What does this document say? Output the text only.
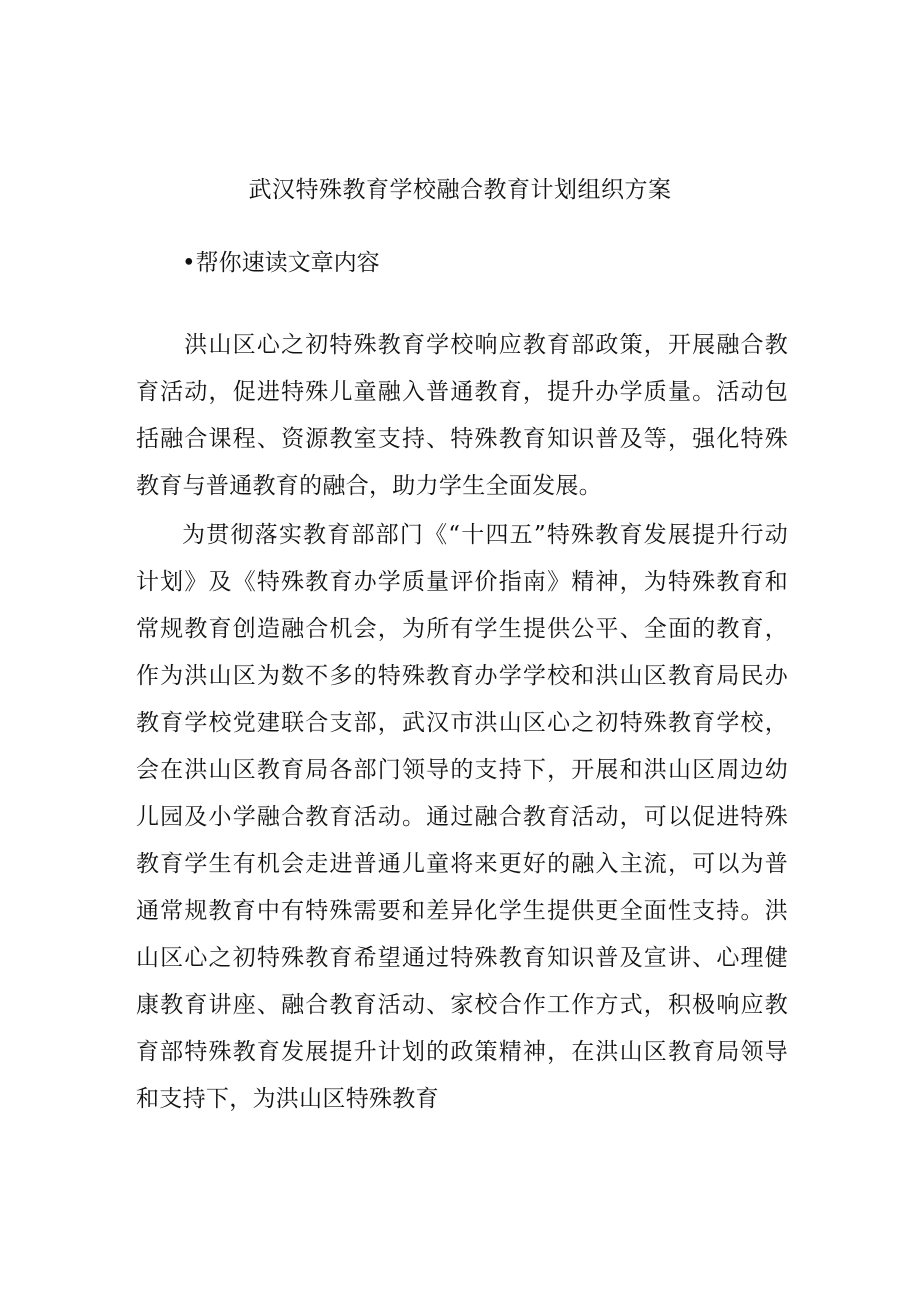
武汉特殊教育学校融合教育计划组织方案

•帮你速读文章内容

洪山区心之初特殊教育学校响应教育部政策，开展融合教育活动，促进特殊儿童融入普通教育，提升办学质量。活动包括融合课程、资源教室支持、特殊教育知识普及等，强化特殊教育与普通教育的融合，助力学生全面发展。

为贯彻落实教育部部门《“十四五”特殊教育发展提升行动计划》及《特殊教育办学质量评价指南》精神，为特殊教育和常规教育创造融合机会，为所有学生提供公平、全面的教育，作为洪山区为数不多的特殊教育办学学校和洪山区教育局民办教育学校党建联合支部，武汉市洪山区心之初特殊教育学校，会在洪山区教育局各部门领导的支持下，开展和洪山区周边幼儿园及小学融合教育活动。通过融合教育活动，可以促进特殊教育学生有机会走进普通儿童将来更好的融入主流，可以为普通常规教育中有特殊需要和差异化学生提供更全面性支持。洪山区心之初特殊教育希望通过特殊教育知识普及宣讲、心理健康教育讲座、融合教育活动、家校合作工作方式，积极响应教育部特殊教育发展提升计划的政策精神，在洪山区教育局领导和支持下，为洪山区特殊教育
